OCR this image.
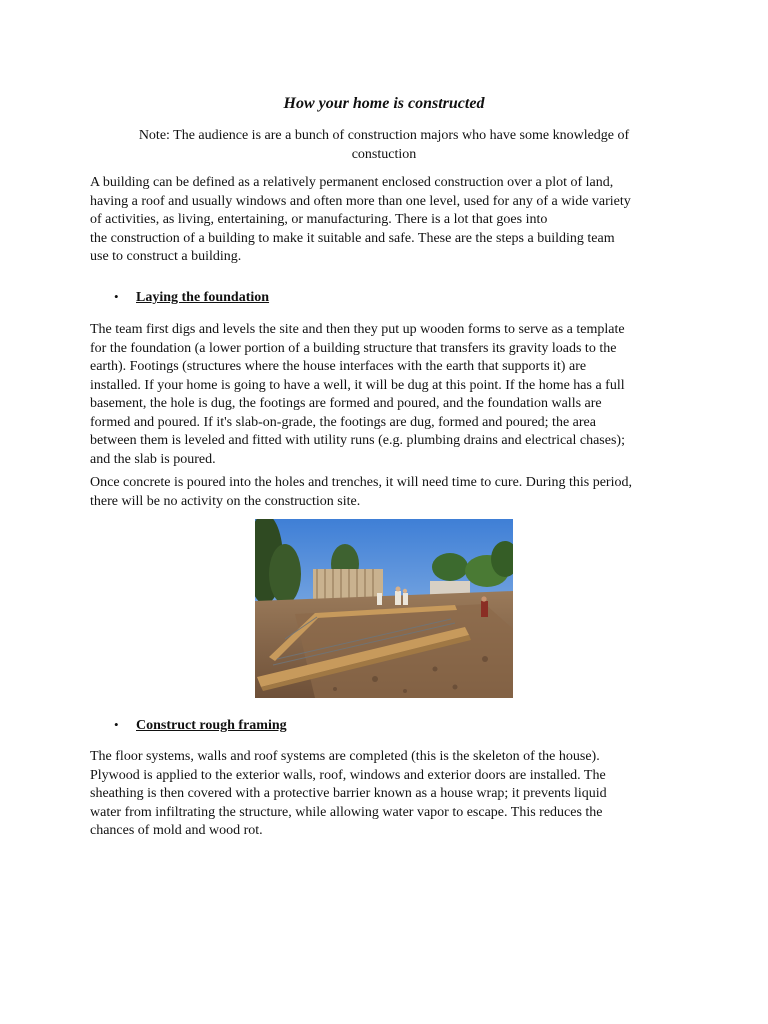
How your home is constructed
Note: The audience is are a bunch of construction majors who have some knowledge of
constuction
A building can be defined as a relatively permanent enclosed construction over a plot of land,
having a roof and usually windows and often more than one level, used for any of a wide variety
of activities, as living, entertaining, or manufacturing. There is a lot that goes into
the construction of a building to make it suitable and safe. These are the steps a building team
use to construct a building.
• Laying the foundation
The team first digs and levels the site and then they put up wooden forms to serve as a template
for the foundation (a lower portion of a building structure that transfers its gravity loads to the
earth). Footings (structures where the house interfaces with the earth that supports it) are
installed. If your home is going to have a well, it will be dug at this point. If the home has a full
basement, the hole is dug, the footings are formed and poured, and the foundation walls are
formed and poured. If it's slab-on-grade, the footings are dug, formed and poured; the area
between them is leveled and fitted with utility runs (e.g. plumbing drains and electrical chases);
and the slab is poured.
Once concrete is poured into the holes and trenches, it will need time to cure. During this period,
there will be no activity on the construction site.
• Construct rough framing
The floor systems, walls and roof systems are completed (this is the skeleton of the house).
Plywood is applied to the exterior walls, roof, windows and exterior doors are installed. The
sheathing is then covered with a protective barrier known as a house wrap; it prevents liquid
water from infiltrating the structure, while allowing water vapor to escape. This reduces the
chances of mold and wood rot.
